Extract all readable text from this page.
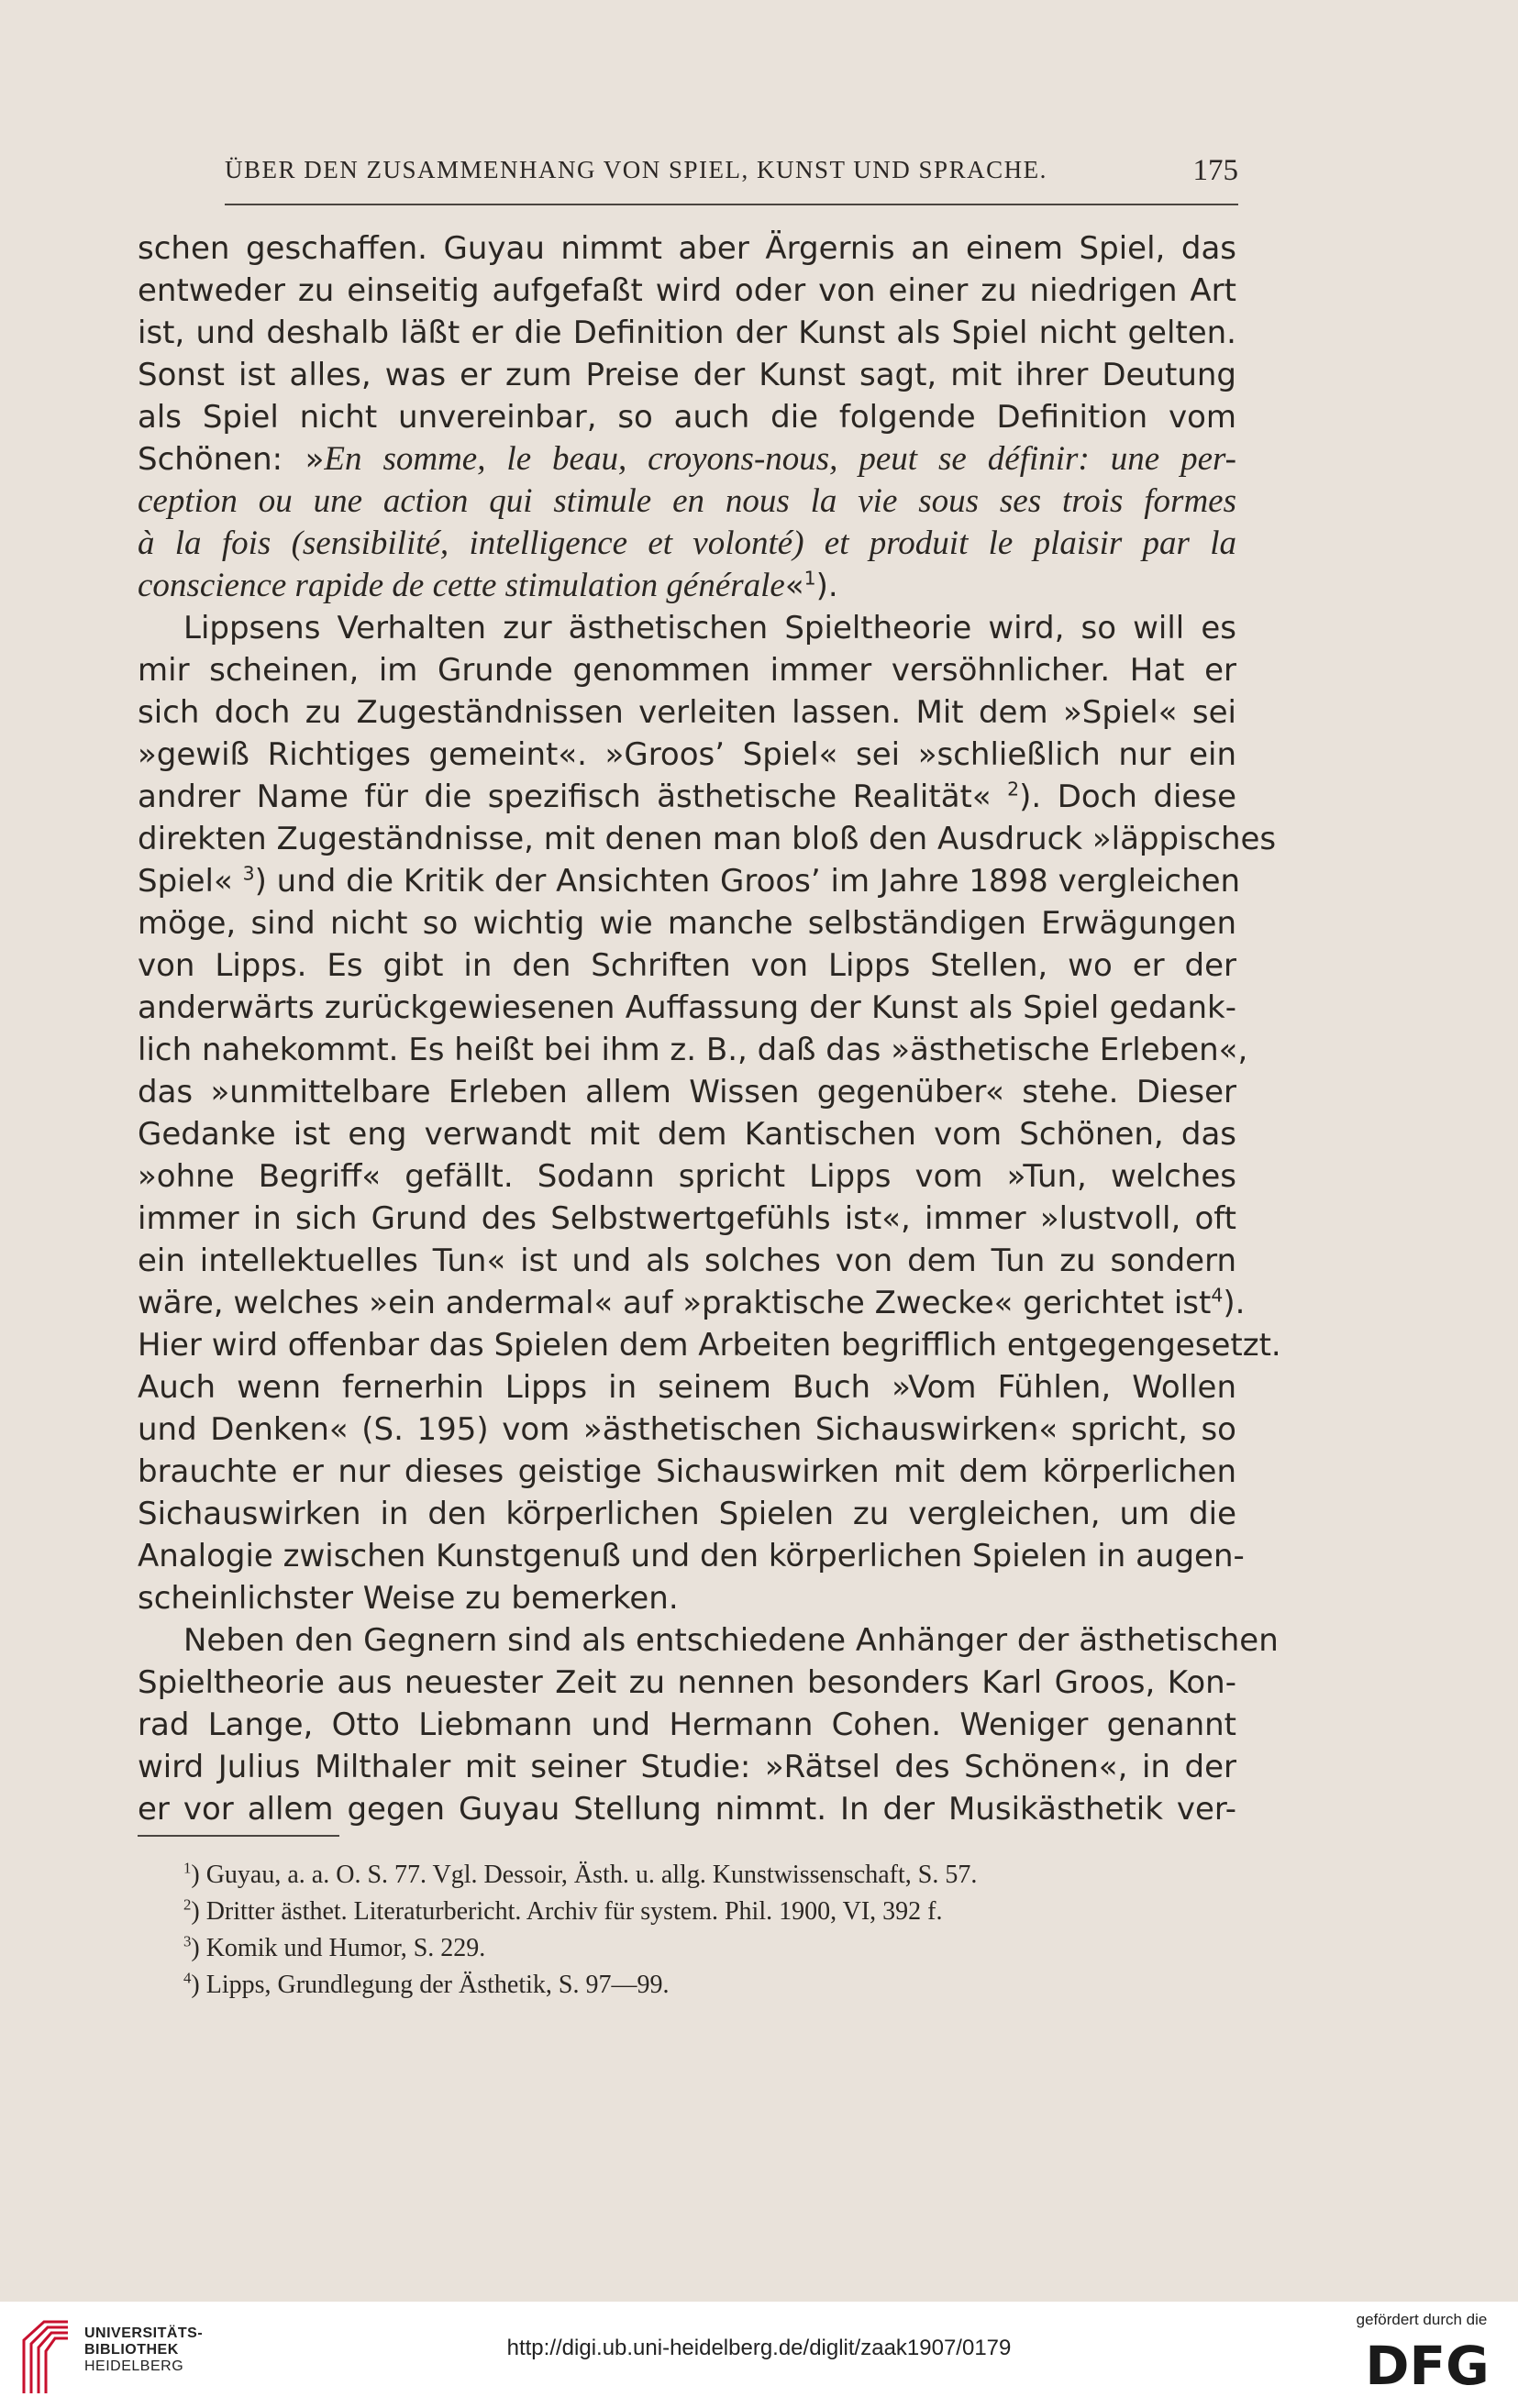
ÜBER DEN ZUSAMMENHANG VON SPIEL, KUNST UND SPRACHE.	175
schen geschaffen. Guyau nimmt aber Ärgernis an einem Spiel, das
entweder zu einseitig aufgefaßt wird oder von einer zu niedrigen Art
ist, und deshalb läßt er die Definition der Kunst als Spiel nicht gelten.
Sonst ist alles, was er zum Preise der Kunst sagt, mit ihrer Deutung
als Spiel nicht unvereinbar, so auch die folgende Definition vom
Schönen: »En somme, le beau, croyons-nous, peut se définir: une per-
ception ou une action qui stimule en nous la vie sous ses trois formes
à la fois (sensibilité, intelligence et volonté) et produit le plaisir par la
conscience rapide de cette stimulation générale«$^1$).
Lippsens Verhalten zur ästhetischen Spieltheorie wird, so will es
mir scheinen, im Grunde genommen immer versöhnlicher. Hat er
sich doch zu Zugeständnissen verleiten lassen. Mit dem »Spiel« sei
»gewiß Richtiges gemeint«. »Groos’ Spiel« sei »schließlich nur ein
andrer Name für die spezifisch ästhetische Realität« $^2$). Doch diese
direkten Zugeständnisse, mit denen man bloß den Ausdruck »läppisches
Spiel« $^3$) und die Kritik der Ansichten Groos’ im Jahre 1898 vergleichen
möge, sind nicht so wichtig wie manche selbständigen Erwägungen
von Lipps. Es gibt in den Schriften von Lipps Stellen, wo er der
anderwärts zurückgewiesenen Auffassung der Kunst als Spiel gedank-
lich nahekommt. Es heißt bei ihm z. B., daß das »ästhetische Erleben«,
das »unmittelbare Erleben allem Wissen gegenüber« stehe. Dieser
Gedanke ist eng verwandt mit dem Kantischen vom Schönen, das
»ohne Begriff« gefällt. Sodann spricht Lipps vom »Tun, welches
immer in sich Grund des Selbstwertgefühls ist«, immer »lustvoll, oft
ein intellektuelles Tun« ist und als solches von dem Tun zu sondern
wäre, welches »ein andermal« auf »praktische Zwecke« gerichtet ist$^4$).
Hier wird offenbar das Spielen dem Arbeiten begrifflich entgegengesetzt.
Auch wenn fernerhin Lipps in seinem Buch »Vom Fühlen, Wollen
und Denken« (S. 195) vom »ästhetischen Sichauswirken« spricht, so
brauchte er nur dieses geistige Sichauswirken mit dem körperlichen
Sichauswirken in den körperlichen Spielen zu vergleichen, um die
Analogie zwischen Kunstgenuß und den körperlichen Spielen in augen-
scheinlichster Weise zu bemerken.
Neben den Gegnern sind als entschiedene Anhänger der ästhetischen
Spieltheorie aus neuester Zeit zu nennen besonders Karl Groos, Kon-
rad Lange, Otto Liebmann und Hermann Cohen. Weniger genannt
wird Julius Milthaler mit seiner Studie: »Rätsel des Schönen«, in der
er vor allem gegen Guyau Stellung nimmt. In der Musikästhetik ver-
$^1$) Guyau, a. a. O. S. 77. Vgl. Dessoir, Ästh. u. allg. Kunstwissenschaft, S. 57.
$^2$) Dritter ästhet. Literaturbericht. Archiv für system. Phil. 1900, VI, 392 f.
$^3$) Komik und Humor, S. 229.
$^4$) Lipps, Grundlegung der Ästhetik, S. 97—99.
UNIVERSITÄTS-
BIBLIOTHEK
HEIDELBERG
http://digi.ub.uni-heidelberg.de/diglit/zaak1907/0179
gefördert durch die
DFG
